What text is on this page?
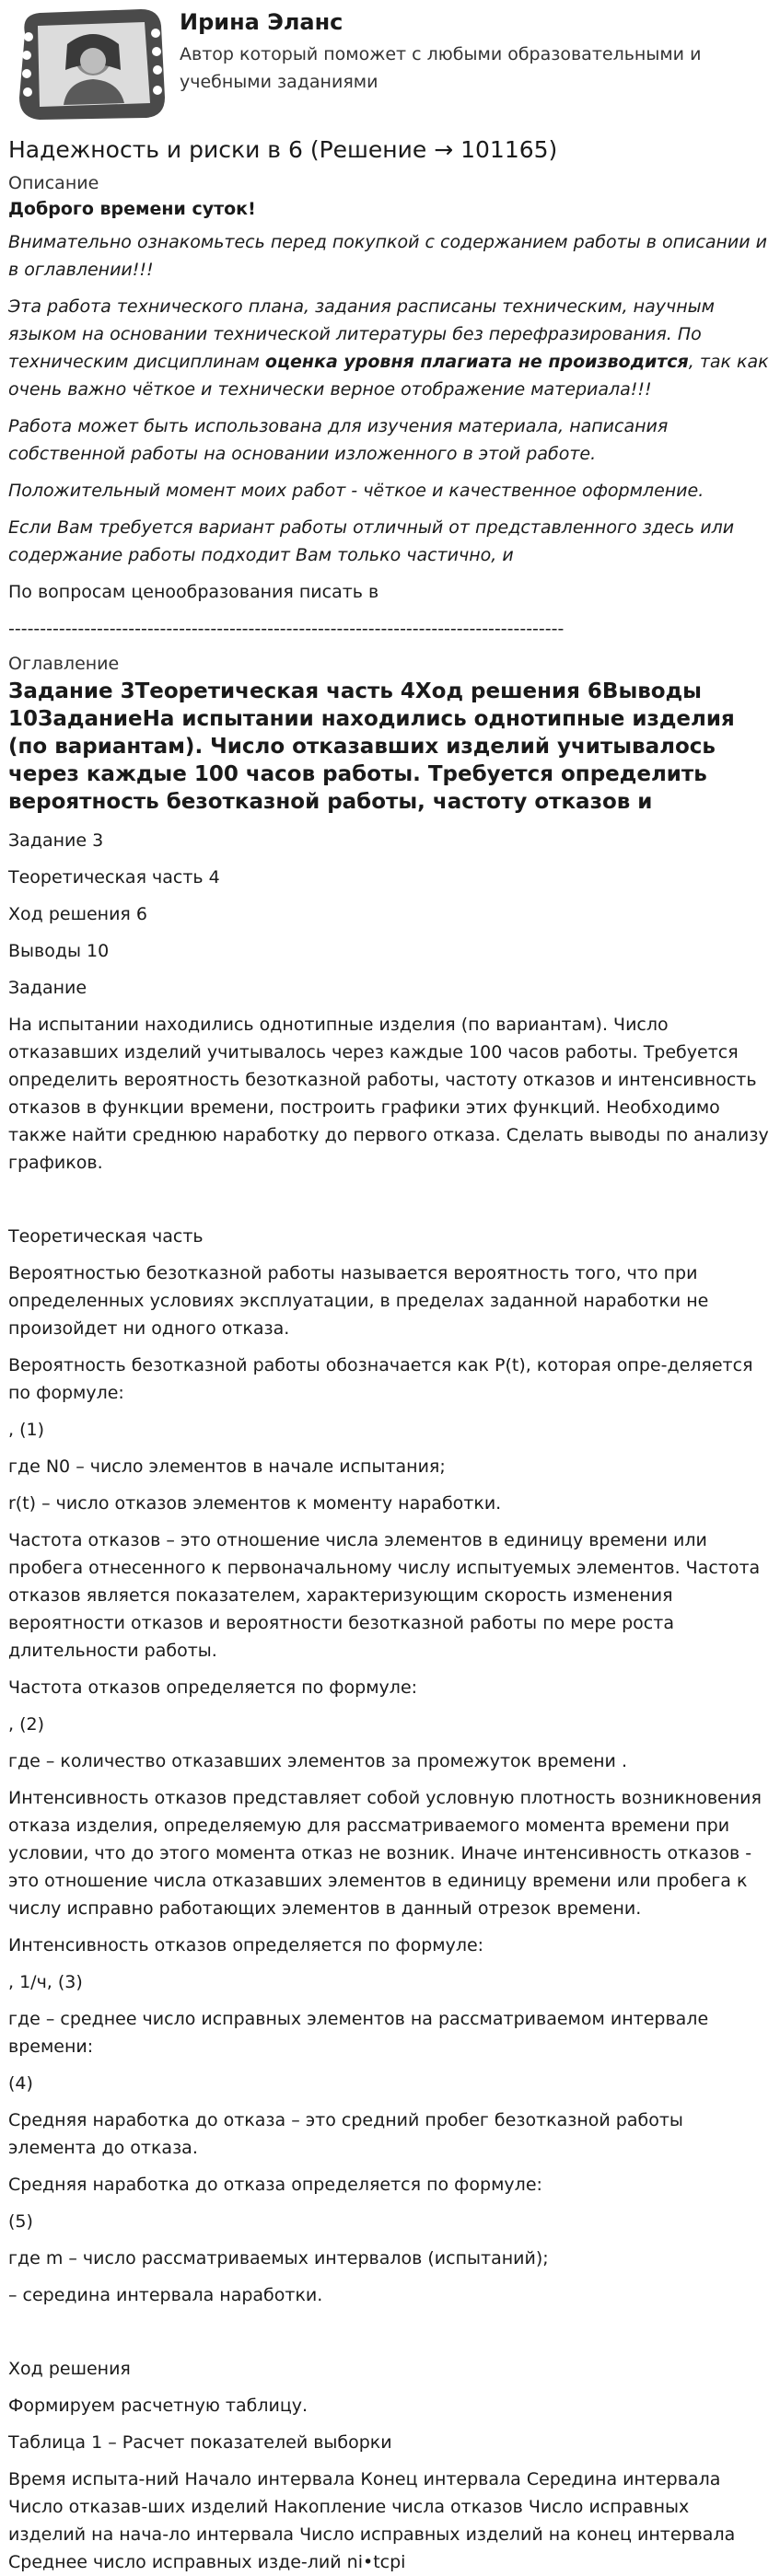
Ирина Эланс
Автор который поможет с любыми образовательными и учебными заданиями
Надежность и риски в 6 (Решение → 101165)
Описание
Доброго времени суток!

Внимательно ознакомьтесь перед покупкой с содержанием работы в описании и в оглавлении!!!

Эта работа технического плана, задания расписаны техническим, научным языком на основании технической литературы без перефразирования. По техническим дисциплинам оценка уровня плагиата не производится, так как очень важно чёткое и технически верное отображение материала!!!

Работа может быть использована для изучения материала, написания собственной работы на основании изложенного в этой работе.

Положительный момент моих работ - чёткое и качественное оформление.

Если Вам требуется вариант работы отличный от представленного здесь или содержание работы подходит Вам только частично, и

По вопросам ценообразования писать в

----------------------------------------------------------------------------------------

Оглавление
Задание 3Теоретическая часть 4Ход решения 6Выводы 10ЗаданиеНа испытании находились однотипные изделия (по вариантам). Число отказавших изделий учитывалось через каждые 100 часов работы. Требуется определить вероятность безотказной работы, частоту отказов и

Задание 3

Теоретическая часть 4

Ход решения 6

Выводы 10

Задание

На испытании находились однотипные изделия (по вариантам). Число отказавших изделий учитывалось через каждые 100 часов работы. Требуется определить вероятность безотказной работы, частоту отказов и интенсивность отказов в функции времени, построить графики этих функций. Необходимо также найти среднюю наработку до первого отказа. Сделать выводы по анализу графиков.

Теоретическая часть

Вероятностью безотказной работы называется вероятность того, что при определенных условиях эксплуатации, в пределах заданной наработки не произойдет ни одного отказа.

Вероятность безотказной работы обозначается как P(t), которая опре-деляется по формуле:

, (1)

где N0 – число элементов в начале испытания;

r(t) – число отказов элементов к моменту наработки.

Частота отказов – это отношение числа элементов в единицу времени или пробега отнесенного к первоначальному числу испытуемых элементов. Частота отказов является показателем, характеризующим скорость изменения вероятности отказов и вероятности безотказной работы по мере роста длительности работы.

Частота отказов определяется по формуле:

, (2)

где – количество отказавших элементов за промежуток времени .

Интенсивность отказов представляет собой условную плотность возникновения отказа изделия, определяемую для рассматриваемого момента времени при условии, что до этого момента отказ не возник. Иначе интенсивность отказов - это отношение числа отказавших элементов в единицу времени или пробега к числу исправно работающих элементов в данный отрезок времени.

Интенсивность отказов определяется по формуле:

, 1/ч, (3)

где – среднее число исправных элементов на рассматриваемом интервале времени:

(4)

Средняя наработка до отказа – это средний пробег безотказной работы элемента до отказа.

Средняя наработка до отказа определяется по формуле:

(5)

где m – число рассматриваемых интервалов (испытаний);

– середина интервала наработки.

Ход решения

Формируем расчетную таблицу.

Таблица 1 – Расчет показателей выборки

Время испыта-ний Начало интервала Конец интервала Середина интервала Число отказав-ших изделий Накопление числа отказов Число исправных изделий на нача-ло интервала Число исправных изделий на конец интервала Среднее число исправных изде-лий ni•tcpi
